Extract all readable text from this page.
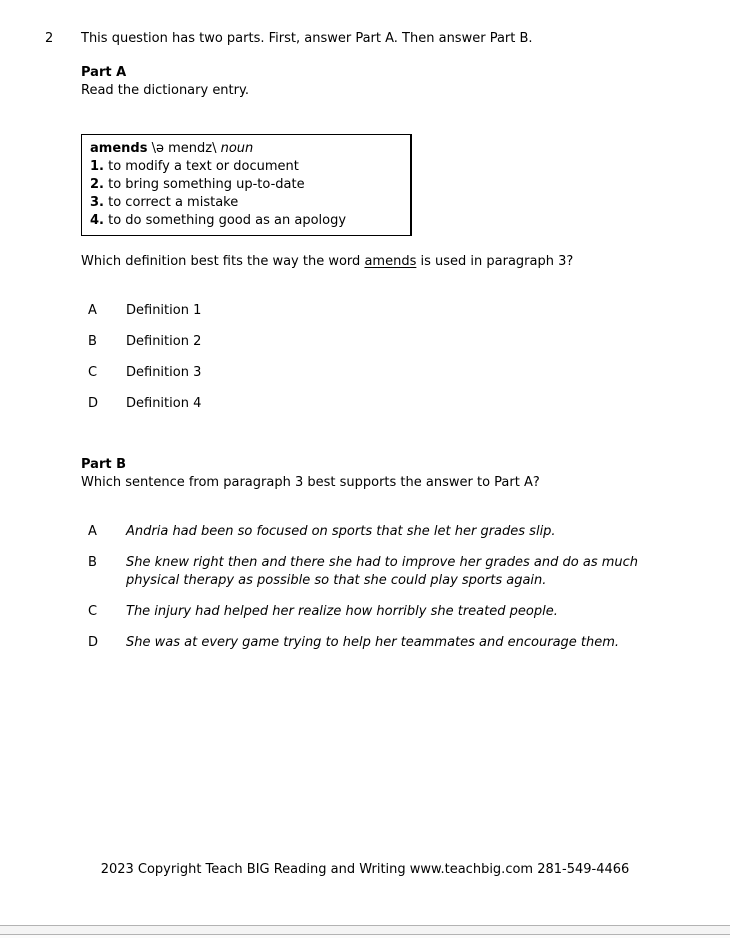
2	This question has two parts. First, answer Part A. Then answer Part B.
Part A
Read the dictionary entry.
amends \ə mendz\ noun
1. to modify a text or document
2. to bring something up-to-date
3. to correct a mistake
4. to do something good as an apology
Which definition best fits the way the word amends is used in paragraph 3?
A	Definition 1
B	Definition 2
C	Definition 3
D	Definition 4
Part B
Which sentence from paragraph 3 best supports the answer to Part A?
A	Andria had been so focused on sports that she let her grades slip.
B	She knew right then and there she had to improve her grades and do as much physical therapy as possible so that she could play sports again.
C	The injury had helped her realize how horribly she treated people.
D	She was at every game trying to help her teammates and encourage them.
2023 Copyright Teach BIG Reading and Writing www.teachbig.com 281-549-4466
